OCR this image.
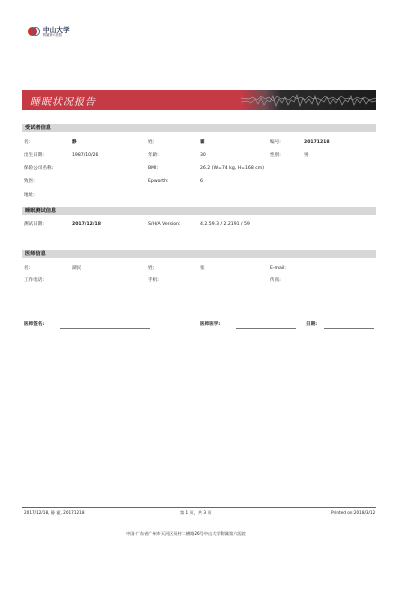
中山大学
附属第六医院
睡眠状况报告
受试者信息
名:	静	姓:	霍	编号:	20171218
出生日期:	1987/10/26	年龄:	30	性别:	男
保险公司名称:	BMI:	26.2 (W=74 kg, H=168 cm)
致医:	Epworth:	6
地址:
睡眠测试信息
测试日期:	2017/12/18	S/H/A Version:	4.2.59.3 / 2.2191 / 59
医师信息
名:	湖民	姓:	张	E-mail:
工作电话:	手机:	传真:
医师签名:	医师医学:	日期:
2017/12/18, 静 霍, 20171218	第 1 页，共 3 页	Printed on:2018/3/12
中国·广东省广州市天河区员村二横路26号中山大学附属第六医院
